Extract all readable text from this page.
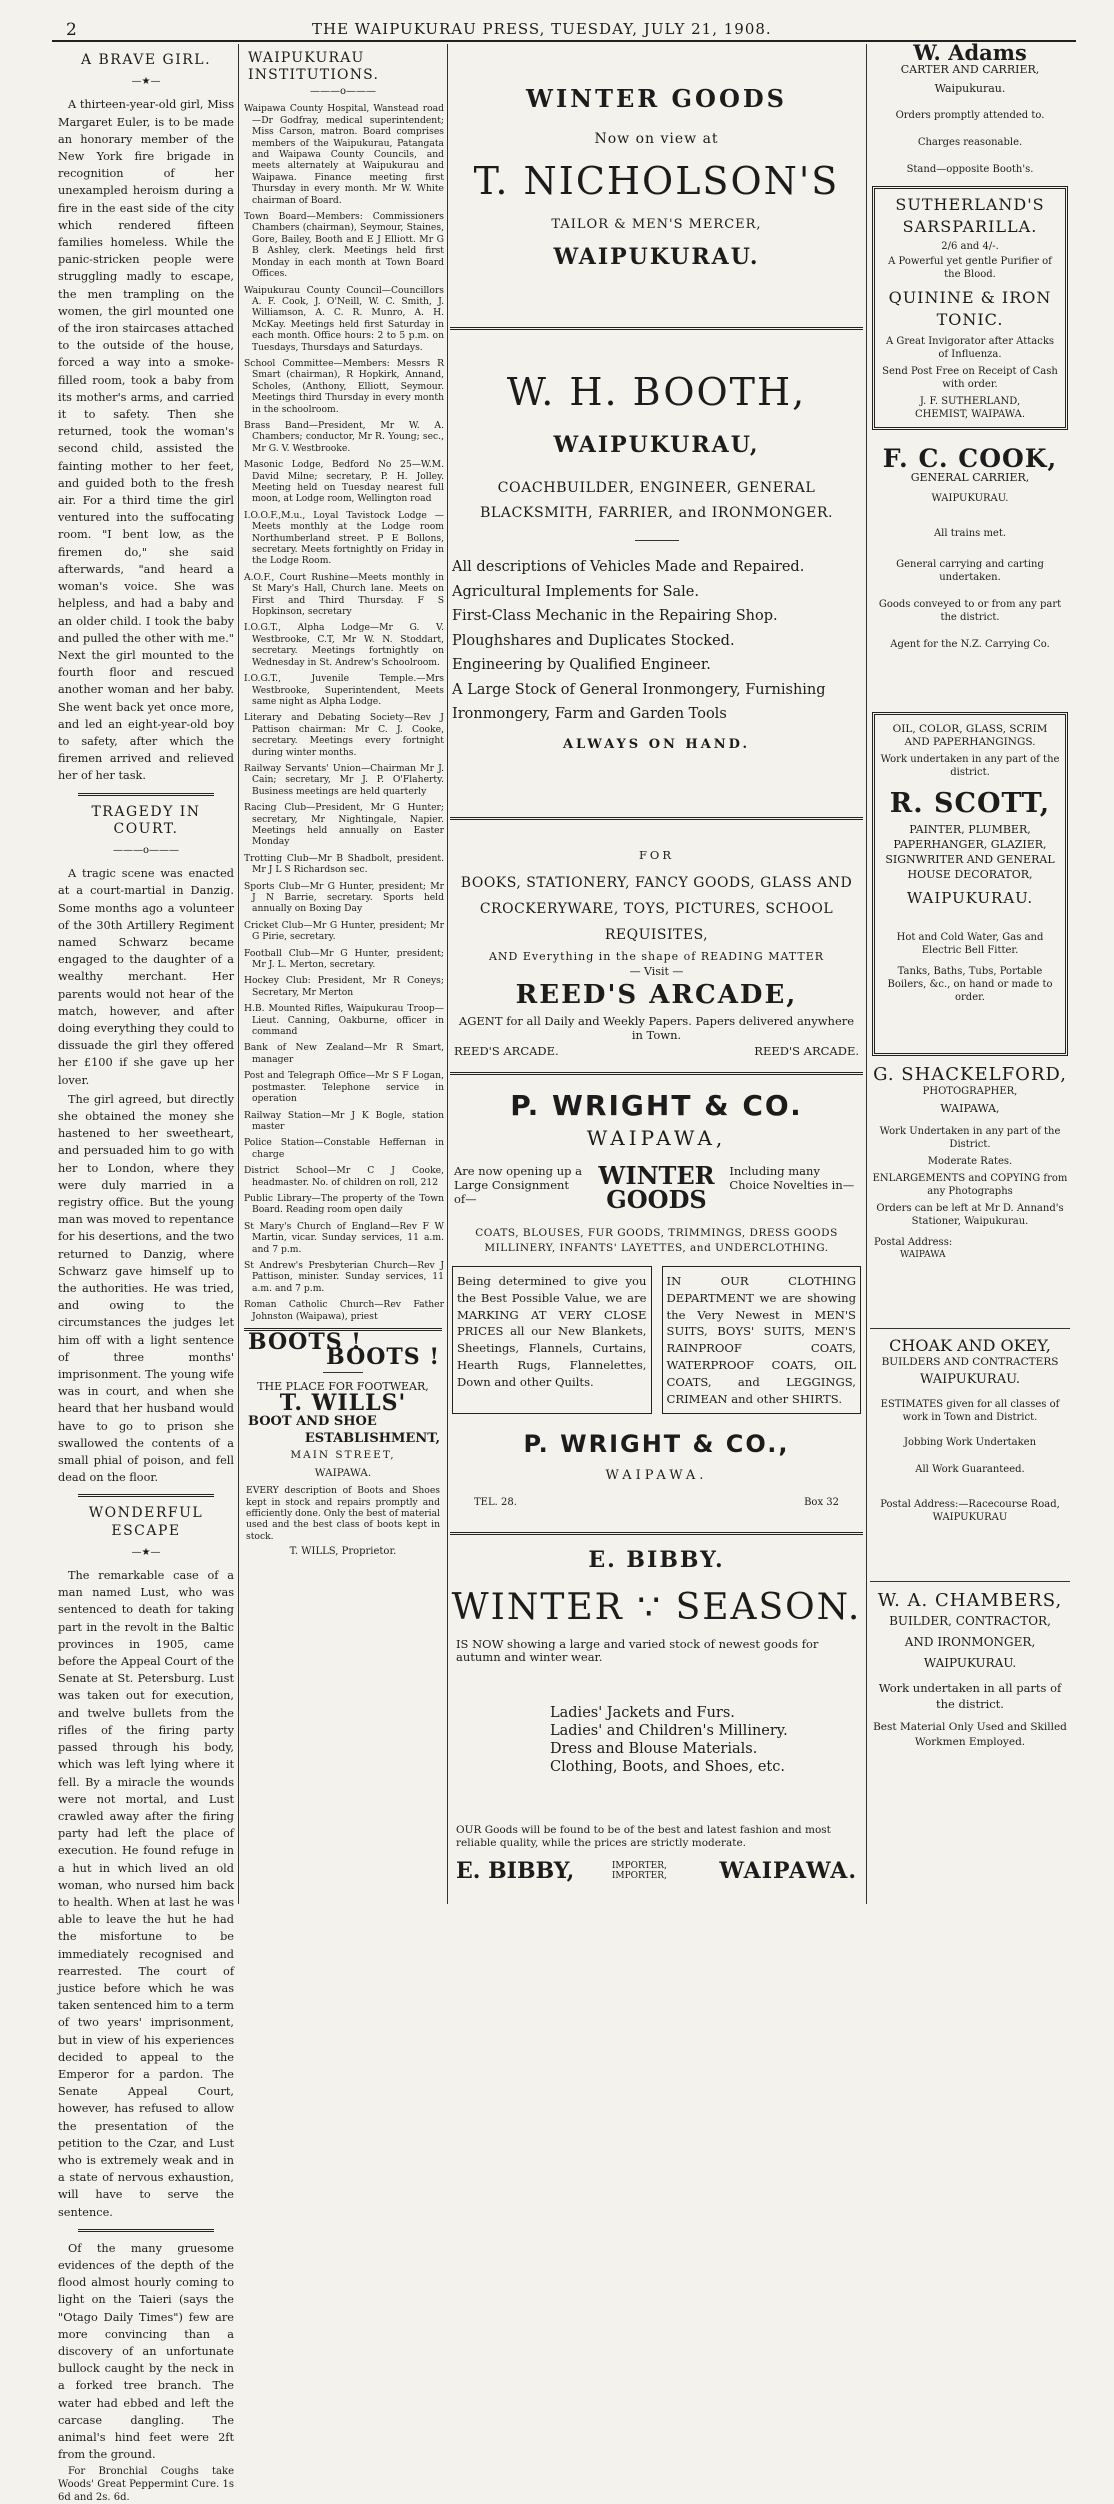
2	THE WAIPUKURAU PRESS, TUESDAY, JULY 21, 1908.
A BRAVE GIRL.
—★—

A thirteen-year-old girl, Miss Margaret Euler, is to be made an honorary member of the New York fire brigade in recognition of her unexampled heroism during a fire in the east side of the city which rendered fifteen families homeless. While the panic-stricken people were struggling madly to escape, the men trampling on the women, the girl mounted one of the iron staircases attached to the outside of the house, forced a way into a smoke-filled room, took a baby from its mother's arms, and carried it to safety. Then she returned, took the woman's second child, assisted the fainting mother to her feet, and guided both to the fresh air. For a third time the girl ventured into the suffocating room. "I bent low, as the firemen do," she said afterwards, "and heard a woman's voice. She was helpless, and had a baby and an older child. I took the baby and pulled the other with me." Next the girl mounted to the fourth floor and rescued another woman and her baby. She went back yet once more, and led an eight-year-old boy to safety, after which the firemen arrived and relieved her of her task.

TRAGEDY IN COURT.
———o———

A tragic scene was enacted at a court-martial in Danzig. Some months ago a volunteer of the 30th Artillery Regiment named Schwarz became engaged to the daughter of a wealthy merchant. Her parents would not hear of the match, however, and after doing everything they could to dissuade the girl they offered her £100 if she gave up her lover.

The girl agreed, but directly she obtained the money she hastened to her sweetheart, and persuaded him to go with her to London, where they were duly married in a registry office. But the young man was moved to repentance for his desertions, and the two returned to Danzig, where Schwarz gave himself up to the authorities. He was tried, and owing to the circumstances the judges let him off with a light sentence of three months' imprisonment. The young wife was in court, and when she heard that her husband would have to go to prison she swallowed the contents of a small phial of poison, and fell dead on the floor.

WONDERFUL ESCAPE
—★—

The remarkable case of a man named Lust, who was sentenced to death for taking part in the revolt in the Baltic provinces in 1905, came before the Appeal Court of the Senate at St. Petersburg. Lust was taken out for execution, and twelve bullets from the rifles of the firing party passed through his body, which was left lying where it fell. By a miracle the wounds were not mortal, and Lust crawled away after the firing party had left the place of execution. He found refuge in a hut in which lived an old woman, who nursed him back to health. When at last he was able to leave the hut he had the misfortune to be immediately recognised and rearrested. The court of justice before which he was taken sentenced him to a term of two years' imprisonment, but in view of his experiences decided to appeal to the Emperor for a pardon. The Senate Appeal Court, however, has refused to allow the presentation of the petition to the Czar, and Lust who is extremely weak and in a state of nervous exhaustion, will have to serve the sentence.

Of the many gruesome evidences of the depth of the flood almost hourly coming to light on the Taieri (says the "Otago Daily Times") few are more convincing than a discovery of an unfortunate bullock caught by the neck in a forked tree branch. The water had ebbed and left the carcase dangling. The animal's hind feet were 2ft from the ground.

For Bronchial Coughs take Woods' Great Peppermint Cure. 1s 6d and 2s. 6d.

WAIPUKURAU INSTITUTIONS.
———o———
Waipawa County Hospital, Wanstead road—Dr Godfray, medical superintendent; Miss Carson, matron. Board comprises members of the Waipukurau, Patangata and Waipawa County Councils, and meets alternately at Waipukurau and Waipawa. Finance meeting first Thursday in every month. Mr W. White chairman of Board.
Town Board—Members: Commissioners Chambers (chairman), Seymour, Staines, Gore, Bailey, Booth and E J Elliott. Mr G B Ashley, clerk. Meetings held first Monday in each month at Town Board Offices.
Waipukurau County Council—Councillors A. F. Cook, J. O'Neill, W. C. Smith, J. Williamson, A. C. R. Munro, A. H. McKay. Meetings held first Saturday in each month. Office hours: 2 to 5 p.m. on Tuesdays, Thursdays and Saturdays.
School Committee—Members: Messrs R Smart (chairman), R Hopkirk, Annand, Scholes, (Anthony, Elliott, Seymour. Meetings third Thursday in every month in the schoolroom.
Brass Band—President, Mr W. A. Chambers; conductor, Mr R. Young; sec., Mr G. V. Westbrooke.
Masonic Lodge, Bedford No 25—W.M. David Milne; secretary, P. H. Jolley. Meeting held on Tuesday nearest full moon, at Lodge room, Wellington road
I.O.O.F.,M.u., Loyal Tavistock Lodge —Meets monthly at the Lodge room Northumberland street. P E Bollons, secretary. Meets fortnightly on Friday in the Lodge Room.
A.O.F., Court Rushine—Meets monthly in St Mary's Hall, Church lane. Meets on First and Third Thursday. F S Hopkinson, secretary
I.O.G.T., Alpha Lodge—Mr G. V. Westbrooke, C.T, Mr W. N. Stoddart, secretary. Meetings fortnightly on Wednesday in St. Andrew's Schoolroom.
I.O.G.T., Juvenile Temple.—Mrs Westbrooke, Superintendent, Meets same night as Alpha Lodge.
Literary and Debating Society—Rev J Pattison chairman: Mr C. J. Cooke, secretary. Meetings every fortnight during winter months.
Railway Servants' Union—Chairman Mr J. Cain; secretary, Mr J. P. O'Flaherty. Business meetings are held quarterly
Racing Club—President, Mr G Hunter; secretary, Mr Nightingale, Napier. Meetings held annually on Easter Monday
Trotting Club—Mr B Shadbolt, president. Mr J L S Richardson sec.
Sports Club—Mr G Hunter, president; Mr J N Barrie, secretary. Sports held annually on Boxing Day
Cricket Club—Mr G Hunter, president; Mr G Pirie, secretary.
Football Club—Mr G Hunter, president; Mr J. L. Merton, secretary.
Hockey Club: President, Mr R Coneys; Secretary, Mr Merton
H.B. Mounted Rifles, Waipukurau Troop—Lieut. Canning, Oakburne, officer in command
Bank of New Zealand—Mr R Smart, manager
Post and Telegraph Office—Mr S F Logan, postmaster. Telephone service in operation
Railway Station—Mr J K Bogle, station master
Police Station—Constable Heffernan in charge
District School—Mr C J Cooke, headmaster. No. of children on roll, 212
Public Library—The property of the Town Board. Reading room open daily
St Mary's Church of England—Rev F W Martin, vicar. Sunday services, 11 a.m. and 7 p.m.
St Andrew's Presbyterian Church—Rev J Pattison, minister. Sunday services, 11 a.m. and 7 p.m.
Roman Catholic Church—Rev Father Johnston (Waipawa), priest
BOOTS !
BOOTS !
THE PLACE FOR FOOTWEAR,
T. WILLS'
BOOT AND SHOE
ESTABLISHMENT,
MAIN STREET,
WAIPAWA.
EVERY description of Boots and Shoes kept in stock and repairs promptly and efficiently done. Only the best of material used and the best class of boots kept in stock.
T. WILLS, Proprietor.
WINTER GOODS
Now on view at
T. NICHOLSON'S
TAILOR & MEN'S MERCER,
WAIPUKURAU.
W. H. BOOTH,
WAIPUKURAU,
COACHBUILDER, ENGINEER, GENERAL BLACKSMITH, FARRIER, and IRONMONGER.
All descriptions of Vehicles Made and Repaired.
Agricultural Implements for Sale.
First-Class Mechanic in the Repairing Shop.
Ploughshares and Duplicates Stocked.
Engineering by Qualified Engineer.
A Large Stock of General Ironmongery, Furnishing Ironmongery, Farm and Garden Tools
ALWAYS ON HAND.
FOR
BOOKS, STATIONERY, FANCY GOODS, GLASS AND CROCKERYWARE, TOYS, PICTURES, SCHOOL REQUISITES,
AND Everything in the shape of READING MATTER
— Visit —
REED'S ARCADE,
AGENT for all Daily and Weekly Papers. Papers delivered anywhere in Town.
REED'S ARCADE.	REED'S ARCADE.
P. WRIGHT & CO.
WAIPAWA,
Are now opening up a Large Consignment of—
WINTER GOODS
Including many Choice Novelties in—
COATS, BLOUSES, FUR GOODS, TRIMMINGS, DRESS GOODS MILLINERY, INFANTS' LAYETTES, and UNDERCLOTHING.
Being determined to give you the Best Possible Value, we are MARKING AT VERY CLOSE PRICES all our New Blankets, Sheetings, Flannels, Curtains, Hearth Rugs, Flannelettes, Down and other Quilts.
IN OUR CLOTHING DEPARTMENT we are showing the Very Newest in MEN'S SUITS, BOYS' SUITS, MEN'S RAINPROOF COATS, WATERPROOF COATS, OIL COATS, and LEGGINGS, CRIMEAN and other SHIRTS.
P. WRIGHT & CO.,
WAIPAWA.
TEL. 28.	Box 32
E. BIBBY.
WINTER ∵ SEASON.
IS NOW showing a large and varied stock of newest goods for autumn and winter wear.
Ladies' Jackets and Furs.
Ladies' and Children's Millinery.
Dress and Blouse Materials.
Clothing, Boots, and Shoes, etc.
OUR Goods will be found to be of the best and latest fashion and most reliable quality, while the prices are strictly moderate.
E. BIBBY,	IMPORTER, IMPORTER,	WAIPAWA.
W. Adams
CARTER AND CARRIER,
Waipukurau.
Orders promptly attended to.
Charges reasonable.
Stand—opposite Booth's.
SUTHERLAND'S SARSPARILLA.
2/6 and 4/-.
A Powerful yet gentle Purifier of the Blood.
QUININE & IRON TONIC.
A Great Invigorator after Attacks of Influenza.
Send Post Free on Receipt of Cash with order.
J. F. SUTHERLAND,
CHEMIST, WAIPAWA.
F. C. COOK,
GENERAL CARRIER,
WAIPUKURAU.
All trains met.
General carrying and carting undertaken.
Goods conveyed to or from any part the district.
Agent for the N.Z. Carrying Co.
OIL, COLOR, GLASS, SCRIM AND PAPERHANGINGS.
Work undertaken in any part of the district.
R. SCOTT,
PAINTER, PLUMBER, PAPERHANGER, GLAZIER, SIGNWRITER AND GENERAL HOUSE DECORATOR,
WAIPUKURAU.
Hot and Cold Water, Gas and Electric Bell Fitter.
Tanks, Baths, Tubs, Portable Boilers, &c., on hand or made to order.
G. SHACKELFORD,
PHOTOGRAPHER,
WAIPAWA,
Work Undertaken in any part of the District.
Moderate Rates.
ENLARGEMENTS and COPYING from any Photographs
Orders can be left at Mr D. Annand's Stationer, Waipukurau.
Postal Address:
WAIPAWA
CHOAK AND OKEY,
BUILDERS AND CONTRACTERS
WAIPUKURAU.
ESTIMATES given for all classes of work in Town and District.
Jobbing Work Undertaken
All Work Guaranteed.
Postal Address:—Racecourse Road, WAIPUKURAU
W. A. CHAMBERS,
BUILDER, CONTRACTOR,
AND IRONMONGER,
WAIPUKURAU.
Work undertaken in all parts of the district.
Best Material Only Used and Skilled Workmen Employed.
